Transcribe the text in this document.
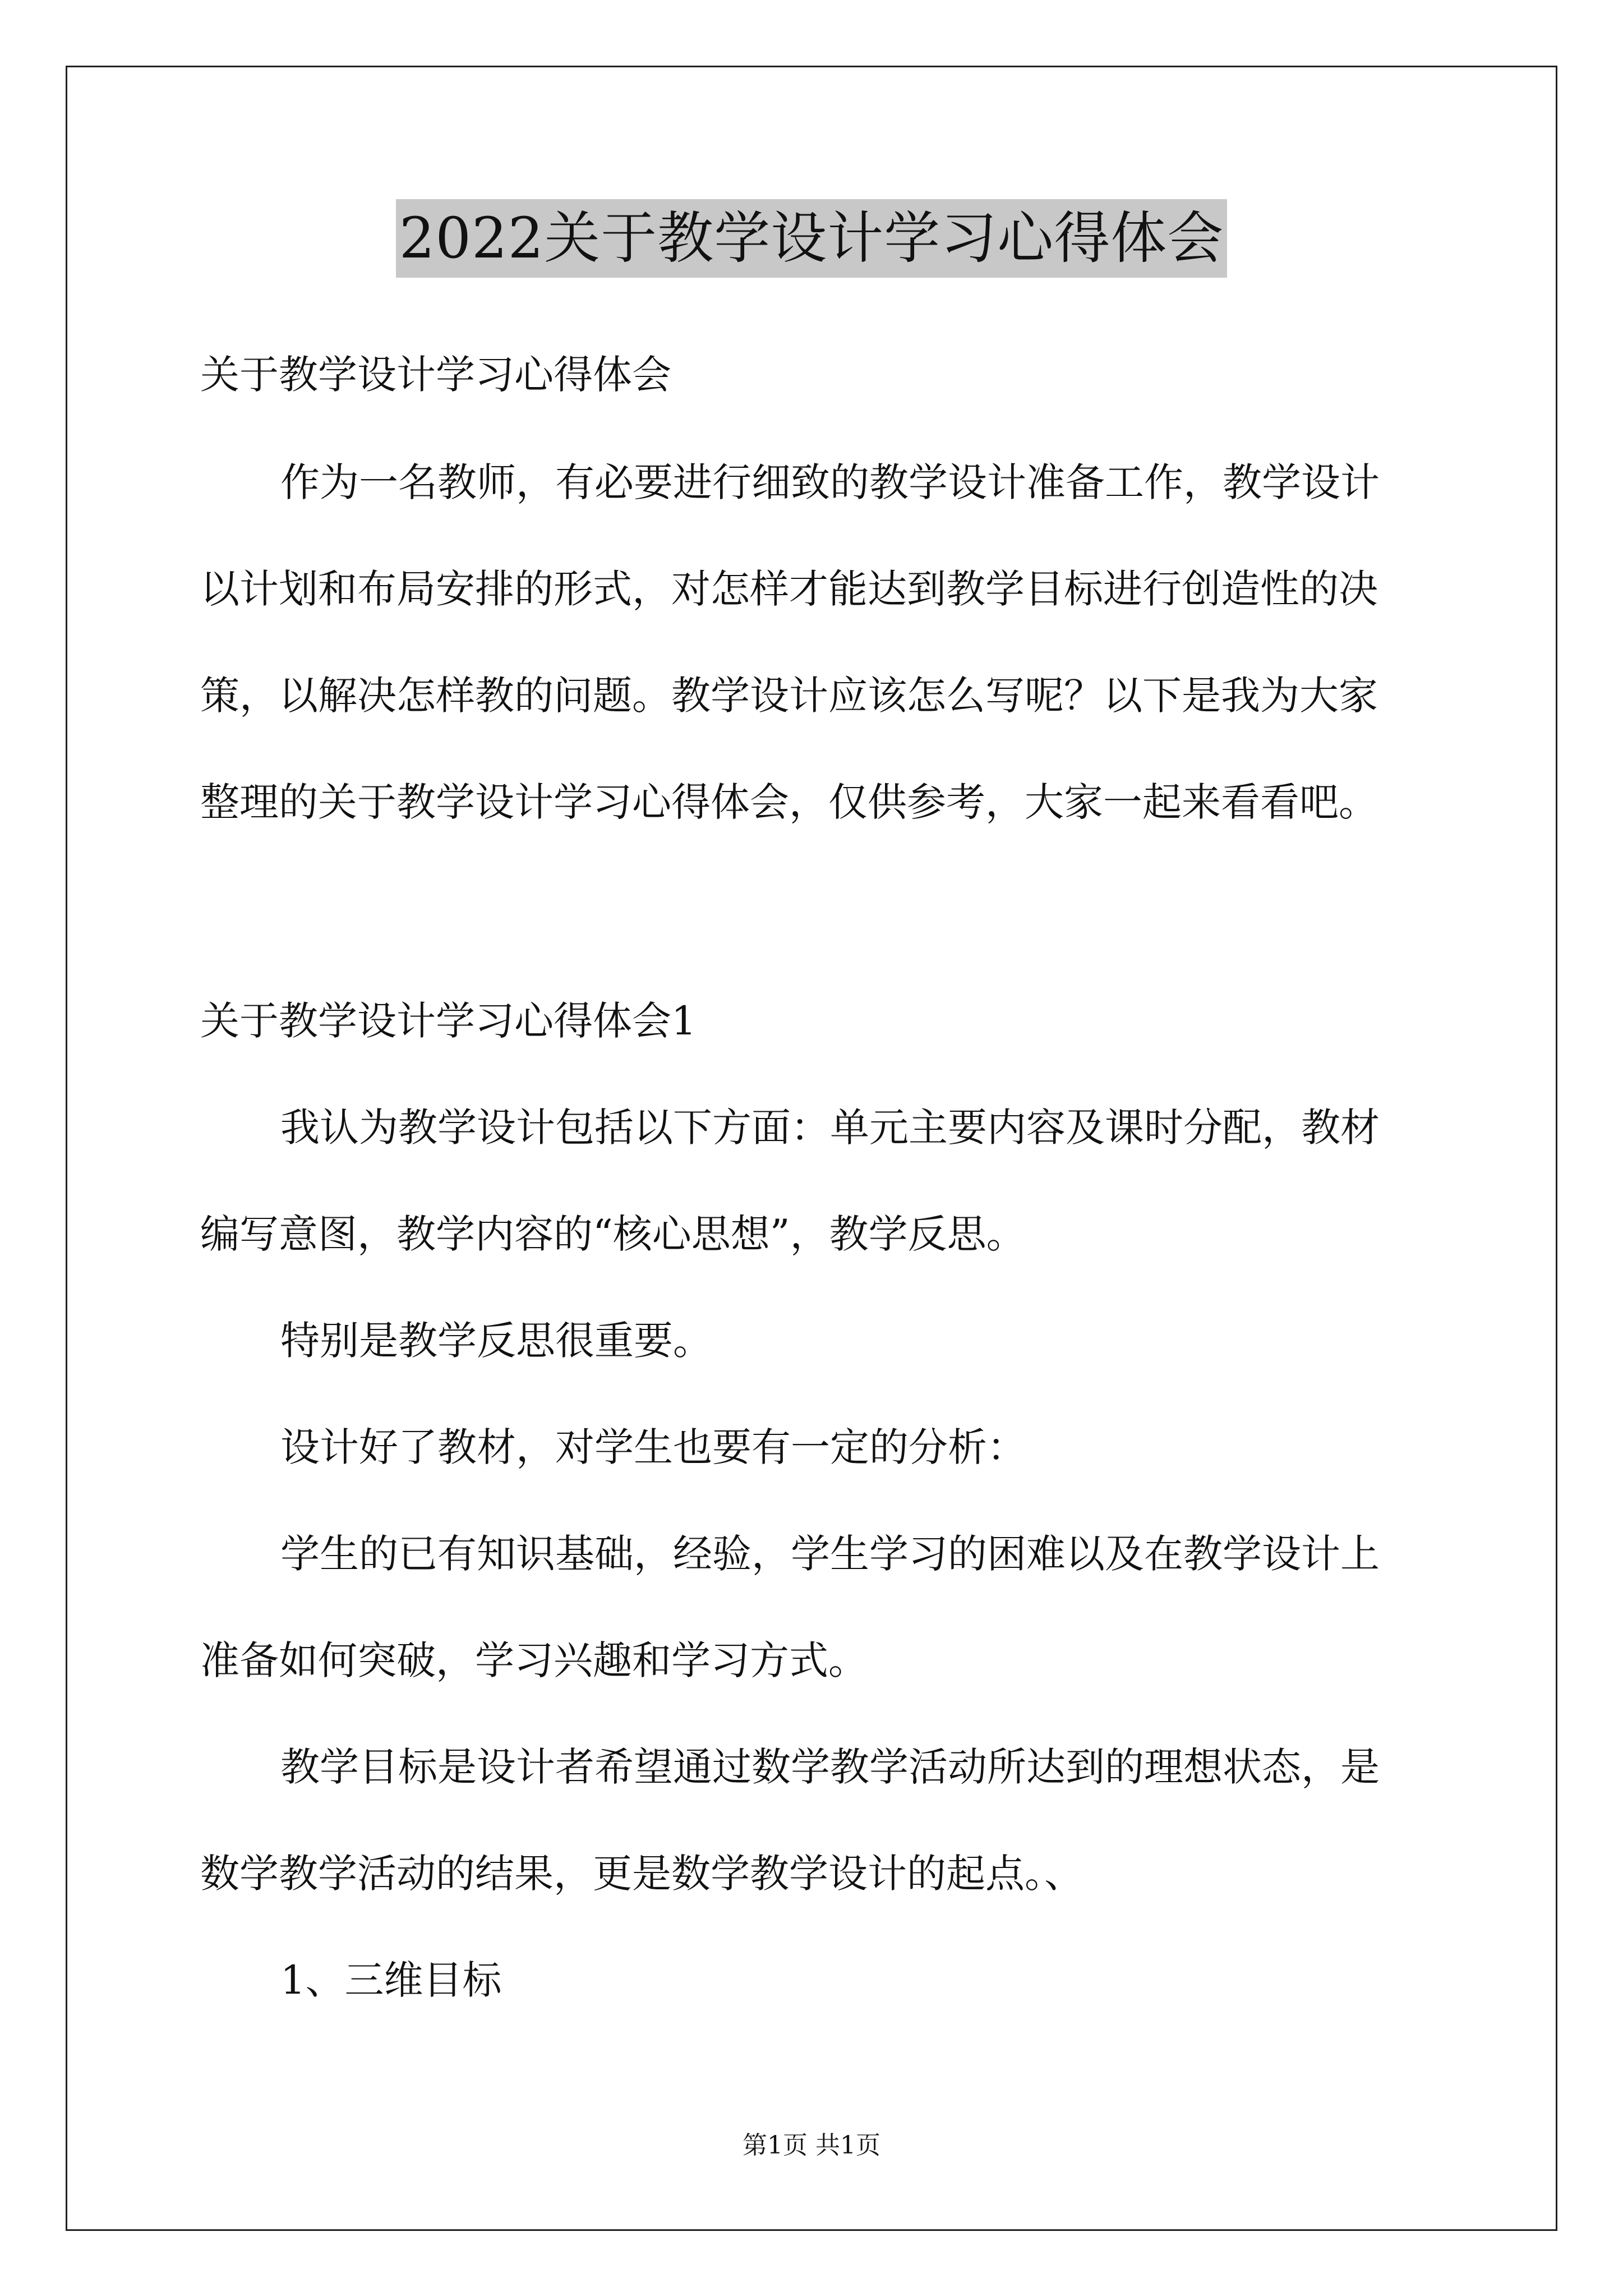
2022关于教学设计学习心得体会

关于教学设计学习心得体会

作为一名教师，有必要进行细致的教学设计准备工作，教学设计

以计划和布局安排的形式，对怎样才能达到教学目标进行创造性的决

策，以解决怎样教的问题。教学设计应该怎么写呢？以下是我为大家

整理的关于教学设计学习心得体会，仅供参考，大家一起来看看吧。

关于教学设计学习心得体会1

我认为教学设计包括以下方面：单元主要内容及课时分配，教材

编写意图，教学内容的“核心思想”，教学反思。

特别是教学反思很重要。

设计好了教材，对学生也要有一定的分析：

学生的已有知识基础，经验，学生学习的困难以及在教学设计上

准备如何突破，学习兴趣和学习方式。

教学目标是设计者希望通过数学教学活动所达到的理想状态，是

数学教学活动的结果，更是数学教学设计的起点。、

1、三维目标

第1页 共1页
